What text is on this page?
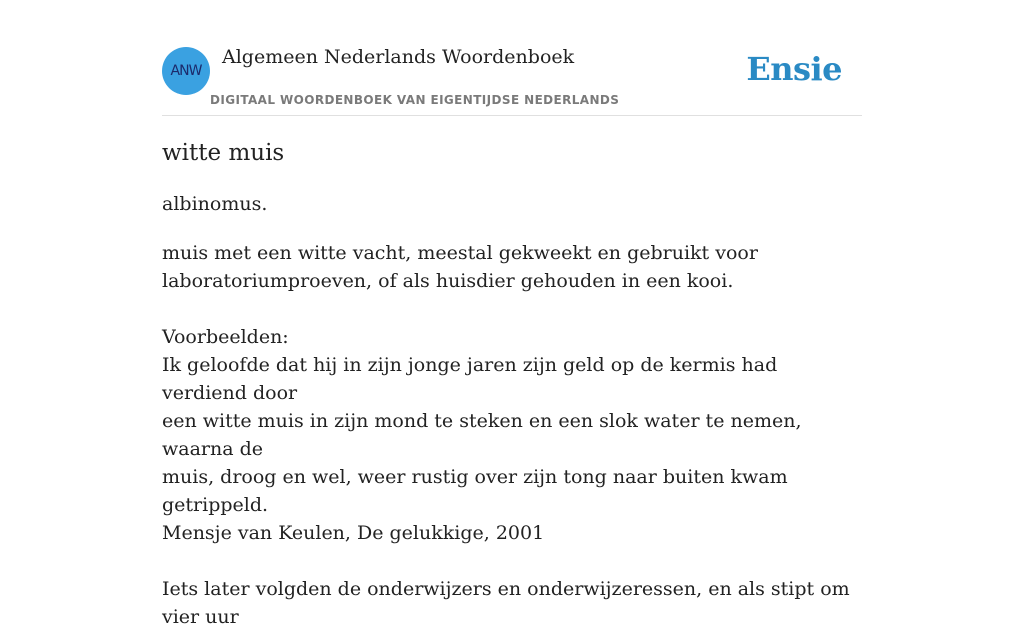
ANW
Algemeen Nederlands Woordenboek
DIGITAAL WOORDENBOEK VAN EIGENTIJDSE NEDERLANDS
Ensie
witte muis
albinomus.

muis met een witte vacht, meestal gekweekt en gebruikt voor

laboratoriumproeven, of als huisdier gehouden in een kooi.

Voorbeelden:

Ik geloofde dat hij in zijn jonge jaren zijn geld op de kermis had verdiend door

een witte muis in zijn mond te steken en een slok water te nemen, waarna de

muis, droog en wel, weer rustig over zijn tong naar buiten kwam getrippeld.

Mensje van Keulen, De gelukkige, 2001

Iets later volgden de onderwijzers en onderwijzeressen, en als stipt om vier uur
